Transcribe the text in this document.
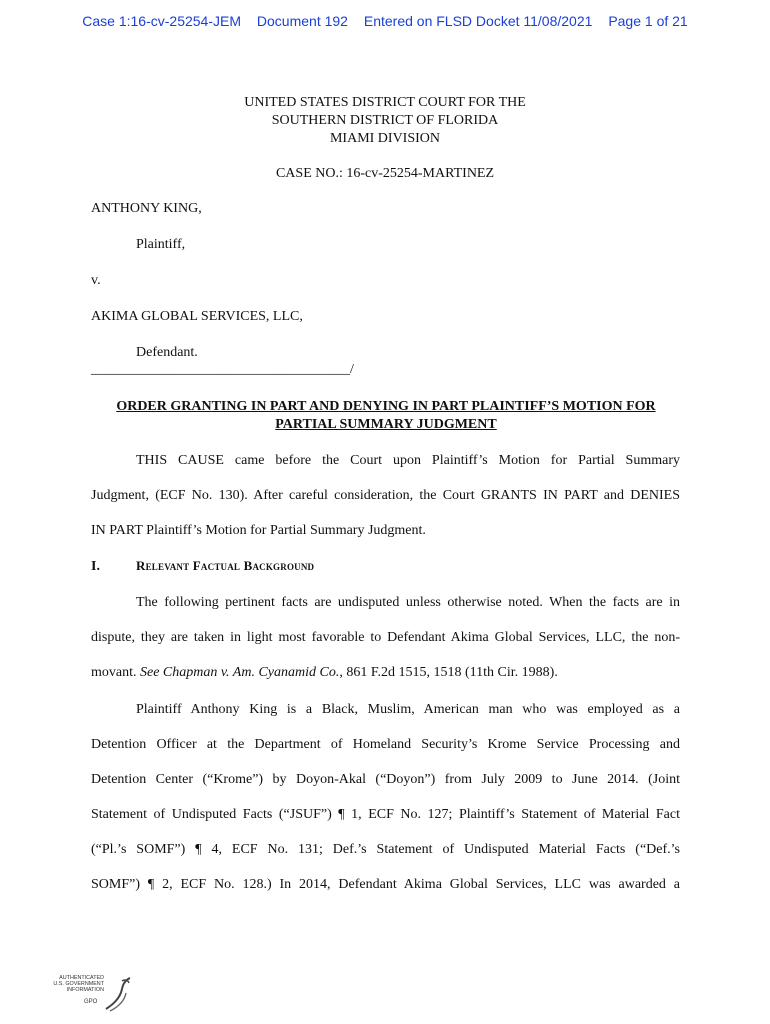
Case 1:16-cv-25254-JEM Document 192 Entered on FLSD Docket 11/08/2021 Page 1 of 21
UNITED STATES DISTRICT COURT FOR THE
SOUTHERN DISTRICT OF FLORIDA
MIAMI DIVISION
CASE NO.: 16-cv-25254-MARTINEZ
ANTHONY KING,
Plaintiff,
v.
AKIMA GLOBAL SERVICES, LLC,
Defendant.
_____________________________________/
ORDER GRANTING IN PART AND DENYING IN PART PLAINTIFF’S MOTION FOR
PARTIAL SUMMARY JUDGMENT
THIS CAUSE came before the Court upon Plaintiff’s Motion for Partial Summary
Judgment, (ECF No. 130). After careful consideration, the Court GRANTS IN PART and DENIES
IN PART Plaintiff’s Motion for Partial Summary Judgment.
I.	Relevant Factual Background
The following pertinent facts are undisputed unless otherwise noted. When the facts are in
dispute, they are taken in light most favorable to Defendant Akima Global Services, LLC, the non-
movant. See Chapman v. Am. Cyanamid Co., 861 F.2d 1515, 1518 (11th Cir. 1988).
Plaintiff Anthony King is a Black, Muslim, American man who was employed as a
Detention Officer at the Department of Homeland Security’s Krome Service Processing and
Detention Center (“Krome”) by Doyon-Akal (“Doyon”) from July 2009 to June 2014. (Joint
Statement of Undisputed Facts (“JSUF”) ¶ 1, ECF No. 127; Plaintiff’s Statement of Material Fact
(“Pl.’s SOMF”) ¶ 4, ECF No. 131; Def.’s Statement of Undisputed Material Facts (“Def.’s
SOMF”) ¶ 2, ECF No. 128.) In 2014, Defendant Akima Global Services, LLC was awarded a
AUTHENTICATED
U.S. GOVERNMENT
INFORMATION
GPO
